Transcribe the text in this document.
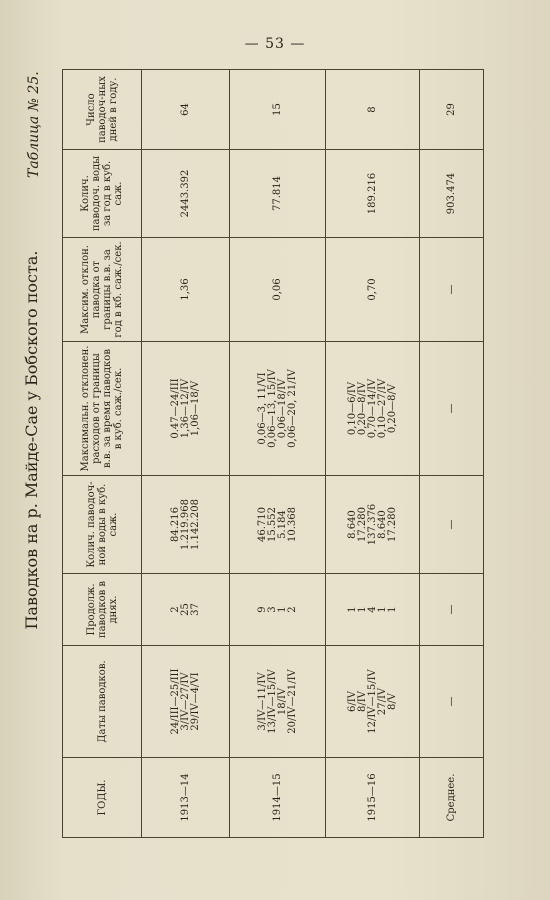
— 53 —
Паводков на р. Майде-Сае у Бобского поста.
Таблица № 25.
ГОДЫ.	Даты паводков.	Продолж. паводков в днях.	Колич. паводоч-ной воды в куб. саж.	Максимальн. отклонен. расходов от границы в.в. за время паводков в куб. саж./сек.	Максим. отклон. паводка от границы в.в. за год в кб. саж./сек.	Колич. паводоч. воды за год в куб. саж.	Число паводоч-ных дней в году.
1913—14	24/III—25/III 3/IV—27/IV 29/IV—4/VI	2 25 37	84.216 1.219.968 1.142.208	0.47—24/III 1,36—12/IV 1,06—18/V	1,36	2443.392	64
1914—15	3/IV—11/IV 13/IV—15/IV 18/IV 20/IV—21/IV	9 3 1 2	46.710 15.552 5.184 10.368	0,06—3, 11/VI 0,06—13, 15/IV 0,06—18/IV 0,06—20, 21/IV	0,06	77.814	15
1915—16	6/IV 8/IV 12/IV—15/IV 27/IV 8/V	1 1 4 1 1	8.640 17.280 137.376 8.640 17.280	0,10—6/IV 0,20—8/IV 0,70—14/IV 0,10—27/IV 0,20—8/V	0,70	189.216	8
Среднее.	—	—	—	—	—	903.474	29
